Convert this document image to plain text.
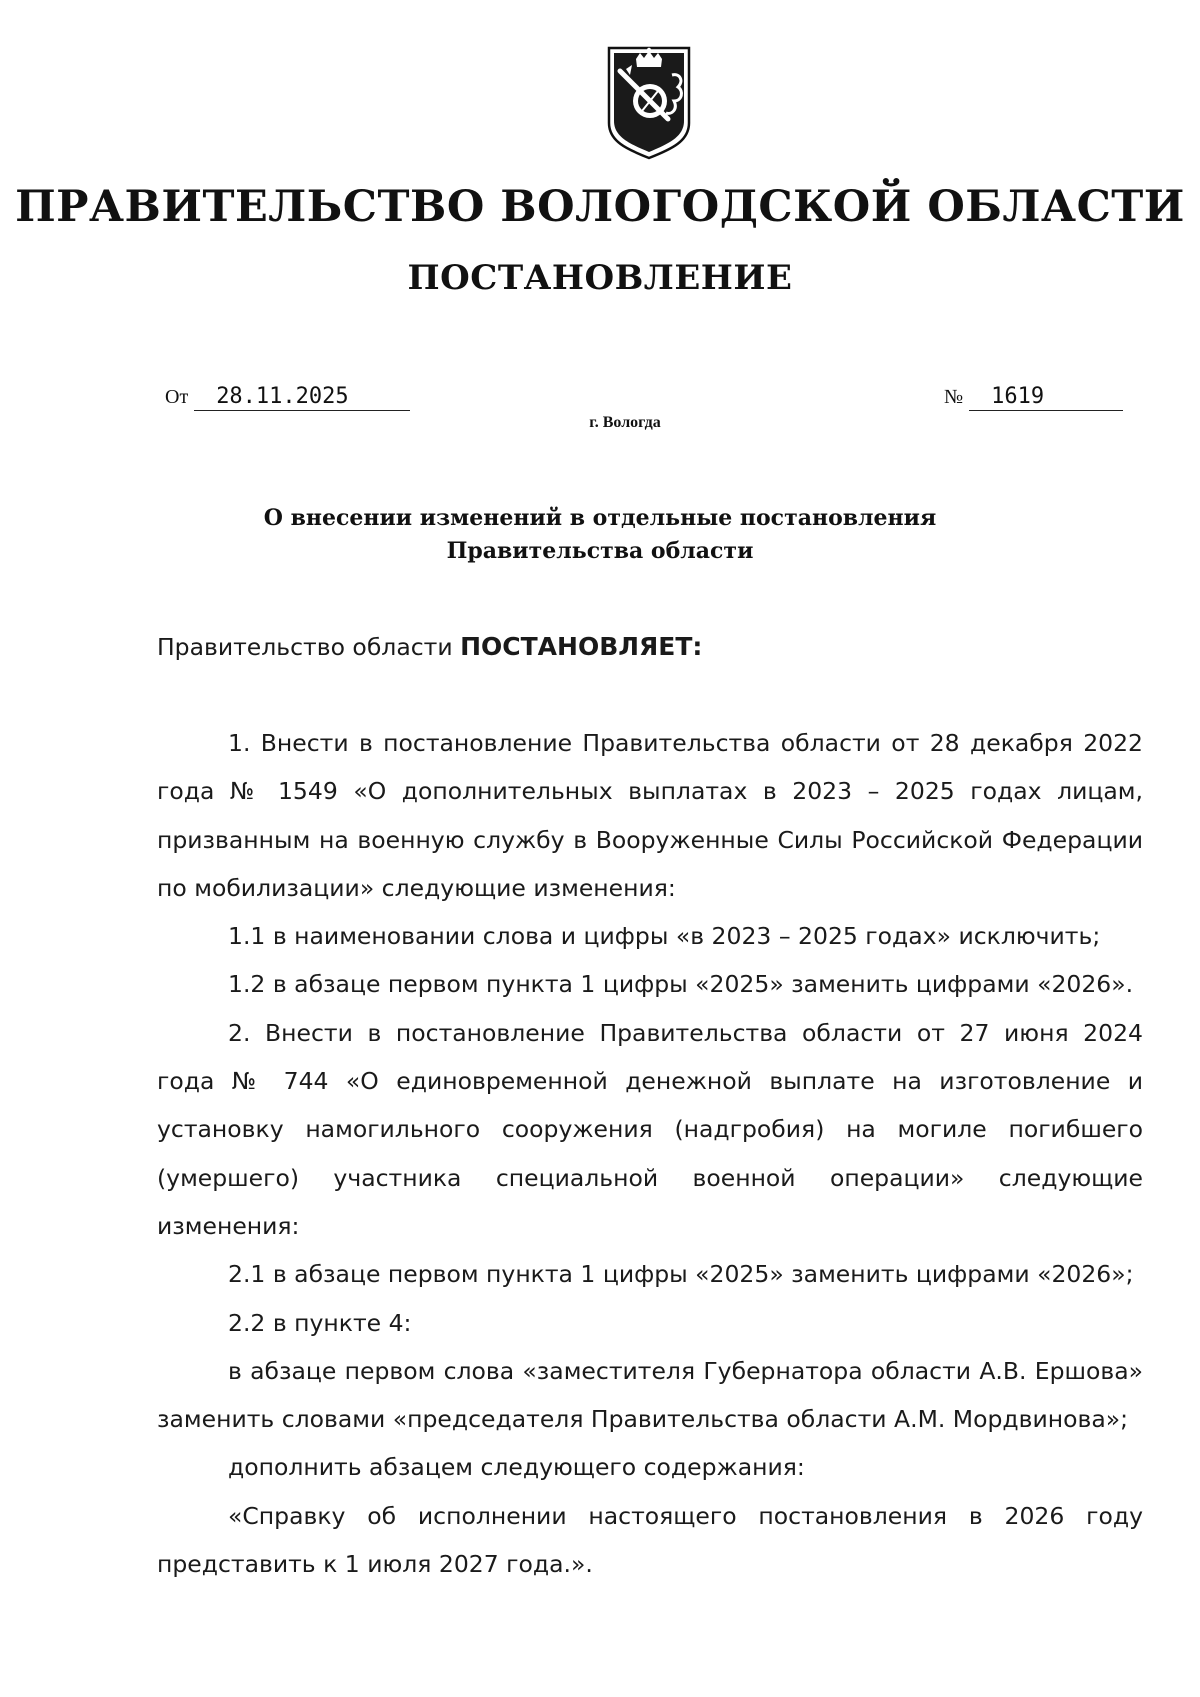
ПРАВИТЕЛЬСТВО ВОЛОГОДСКОЙ ОБЛАСТИ
ПОСТАНОВЛЕНИЕ
От 28.11.2025	№ 1619
г. Вологда
О внесении изменений в отдельные постановления
Правительства области

Правительство области ПОСТАНОВЛЯЕТ:

1. Внести в постановление Правительства области от 28 декабря 2022 года № 1549 «О дополнительных выплатах в 2023 – 2025 годах лицам, призванным на военную службу в Вооруженные Силы Российской Федерации по мобилизации» следующие изменения:

1.1 в наименовании слова и цифры «в 2023 – 2025 годах» исключить;

1.2 в абзаце первом пункта 1 цифры «2025» заменить цифрами «2026».

2. Внести в постановление Правительства области от 27 июня 2024 года № 744 «О единовременной денежной выплате на изготовление и установку намогильного сооружения (надгробия) на могиле погибшего (умершего) участника специальной военной операции» следующие изменения:

2.1 в абзаце первом пункта 1 цифры «2025» заменить цифрами «2026»;

2.2 в пункте 4:

в абзаце первом слова «заместителя Губернатора области А.В. Ершова» заменить словами «председателя Правительства области А.М. Мордвинова»;

дополнить абзацем следующего содержания:

«Справку об исполнении настоящего постановления в 2026 году представить к 1 июля 2027 года.».
